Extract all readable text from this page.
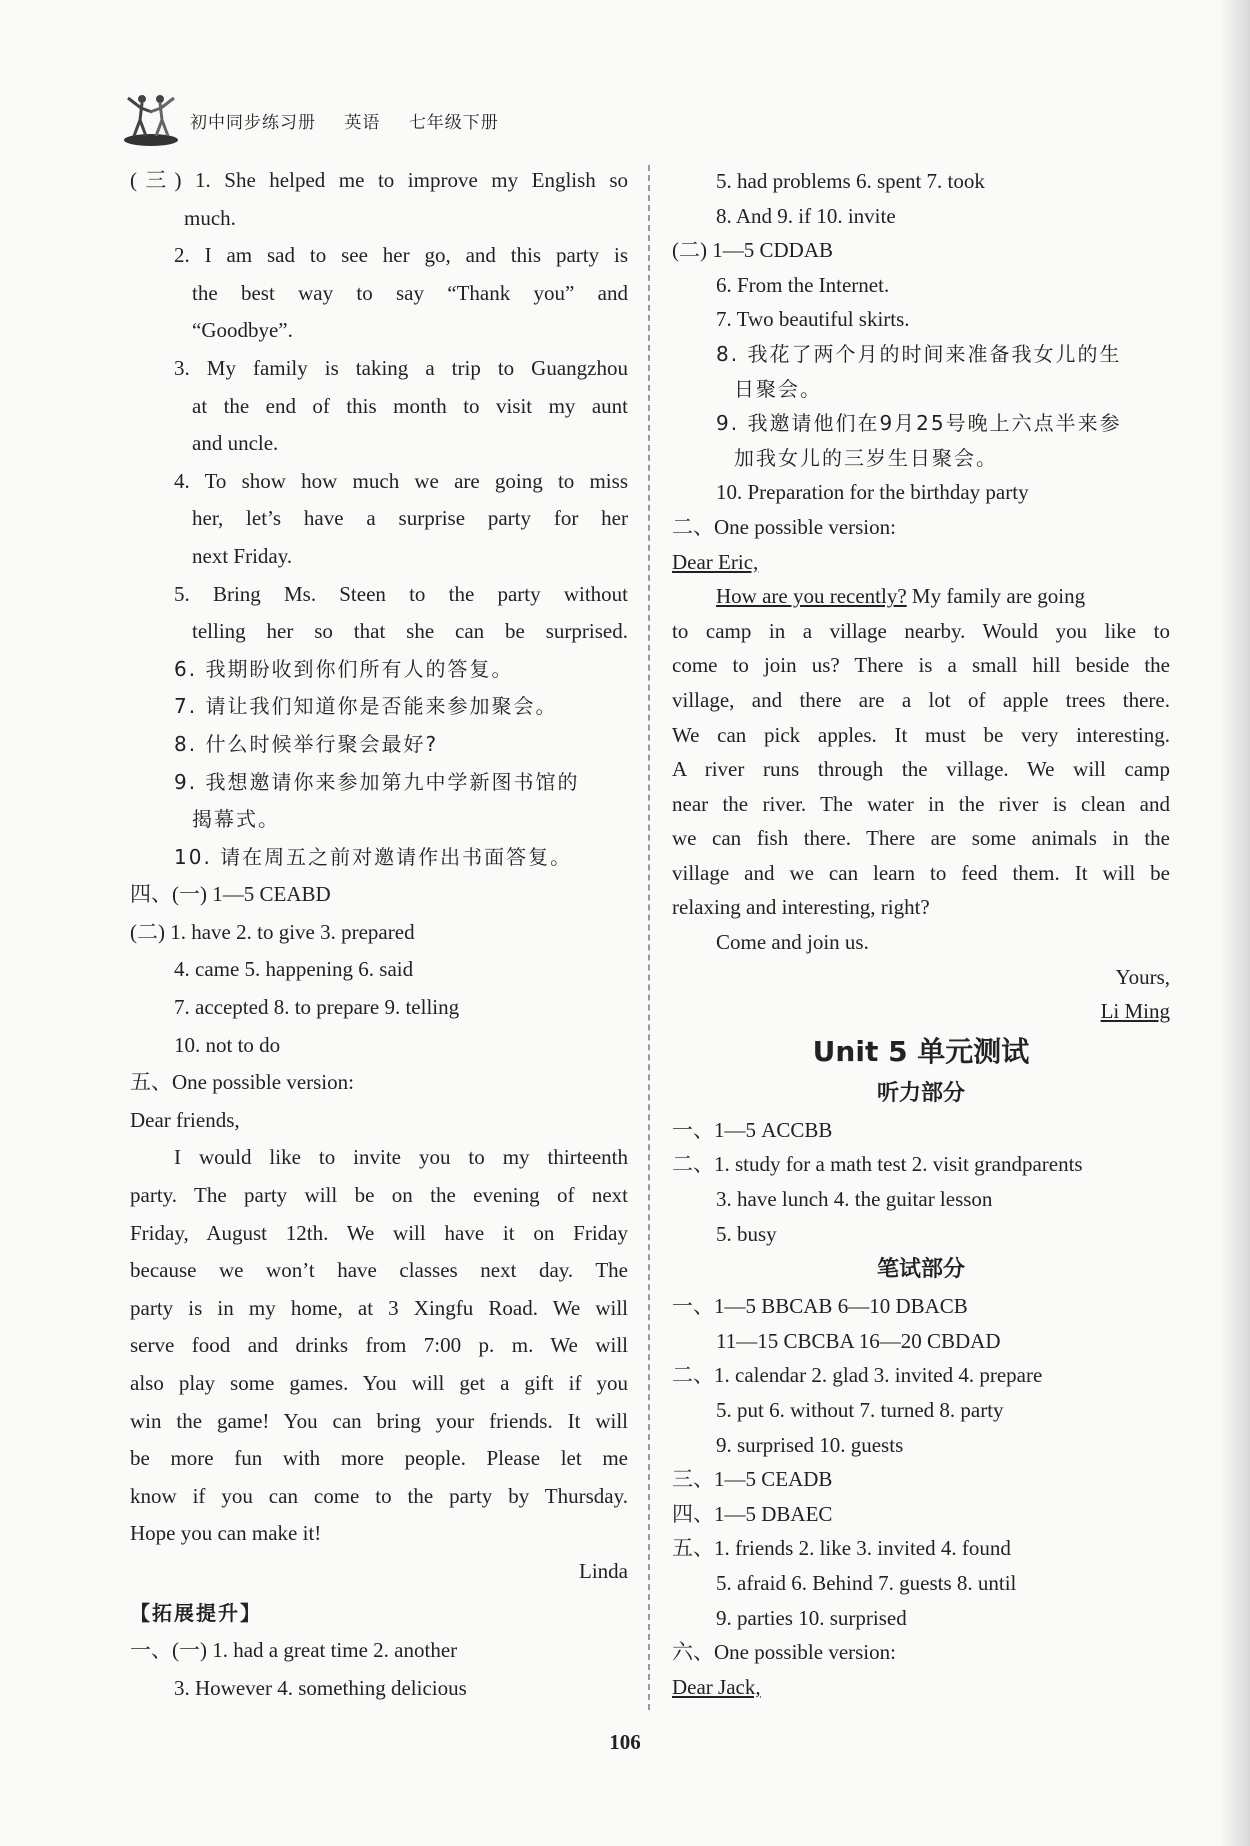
初中同步练习册 英语 七年级下册
(三) 1. She helped me to improve my English so
much.
2. I am sad to see her go, and this party is
the best way to say “Thank you” and
“Goodbye”.
3. My family is taking a trip to Guangzhou
at the end of this month to visit my aunt
and uncle.
4. To show how much we are going to miss
her, let’s have a surprise party for her
next Friday.
5. Bring Ms. Steen to the party without
telling her so that she can be surprised.
6. 我期盼收到你们所有人的答复。
7. 请让我们知道你是否能来参加聚会。
8. 什么时候举行聚会最好?
9. 我想邀请你来参加第九中学新图书馆的
揭幕式。
10. 请在周五之前对邀请作出书面答复。
四、(一) 1—5 CEABD
(二) 1. have 2. to give 3. prepared
4. came 5. happening 6. said
7. accepted 8. to prepare 9. telling
10. not to do
五、One possible version:
Dear friends,
I would like to invite you to my thirteenth
party. The party will be on the evening of next
Friday, August 12th. We will have it on Friday
because we won’t have classes next day. The
party is in my home, at 3 Xingfu Road. We will
serve food and drinks from 7:00 p. m. We will
also play some games. You will get a gift if you
win the game! You can bring your friends. It will
be more fun with more people. Please let me
know if you can come to the party by Thursday.
Hope you can make it!
Linda
【拓展提升】
一、(一) 1. had a great time 2. another
3. However 4. something delicious
5. had problems 6. spent 7. took
8. And 9. if 10. invite
(二) 1—5 CDDAB
6. From the Internet.
7. Two beautiful skirts.
8. 我花了两个月的时间来准备我女儿的生
日聚会。
9. 我邀请他们在9月25号晚上六点半来参
加我女儿的三岁生日聚会。
10. Preparation for the birthday party
二、One possible version:
Dear Eric,
How are you recently? My family are going
to camp in a village nearby. Would you like to
come to join us? There is a small hill beside the
village, and there are a lot of apple trees there.
We can pick apples. It must be very interesting.
A river runs through the village. We will camp
near the river. The water in the river is clean and
we can fish there. There are some animals in the
village and we can learn to feed them. It will be
relaxing and interesting, right?
Come and join us.
Yours,
Li Ming
Unit 5 单元测试
听力部分
一、1—5 ACCBB
二、1. study for a math test 2. visit grandparents
3. have lunch 4. the guitar lesson
5. busy
笔试部分
一、1—5 BBCAB 6—10 DBACB
11—15 CBCBA 16—20 CBDAD
二、1. calendar 2. glad 3. invited 4. prepare
5. put 6. without 7. turned 8. party
9. surprised 10. guests
三、1—5 CEADB
四、1—5 DBAEC
五、1. friends 2. like 3. invited 4. found
5. afraid 6. Behind 7. guests 8. until
9. parties 10. surprised
六、One possible version:
Dear Jack,
106
